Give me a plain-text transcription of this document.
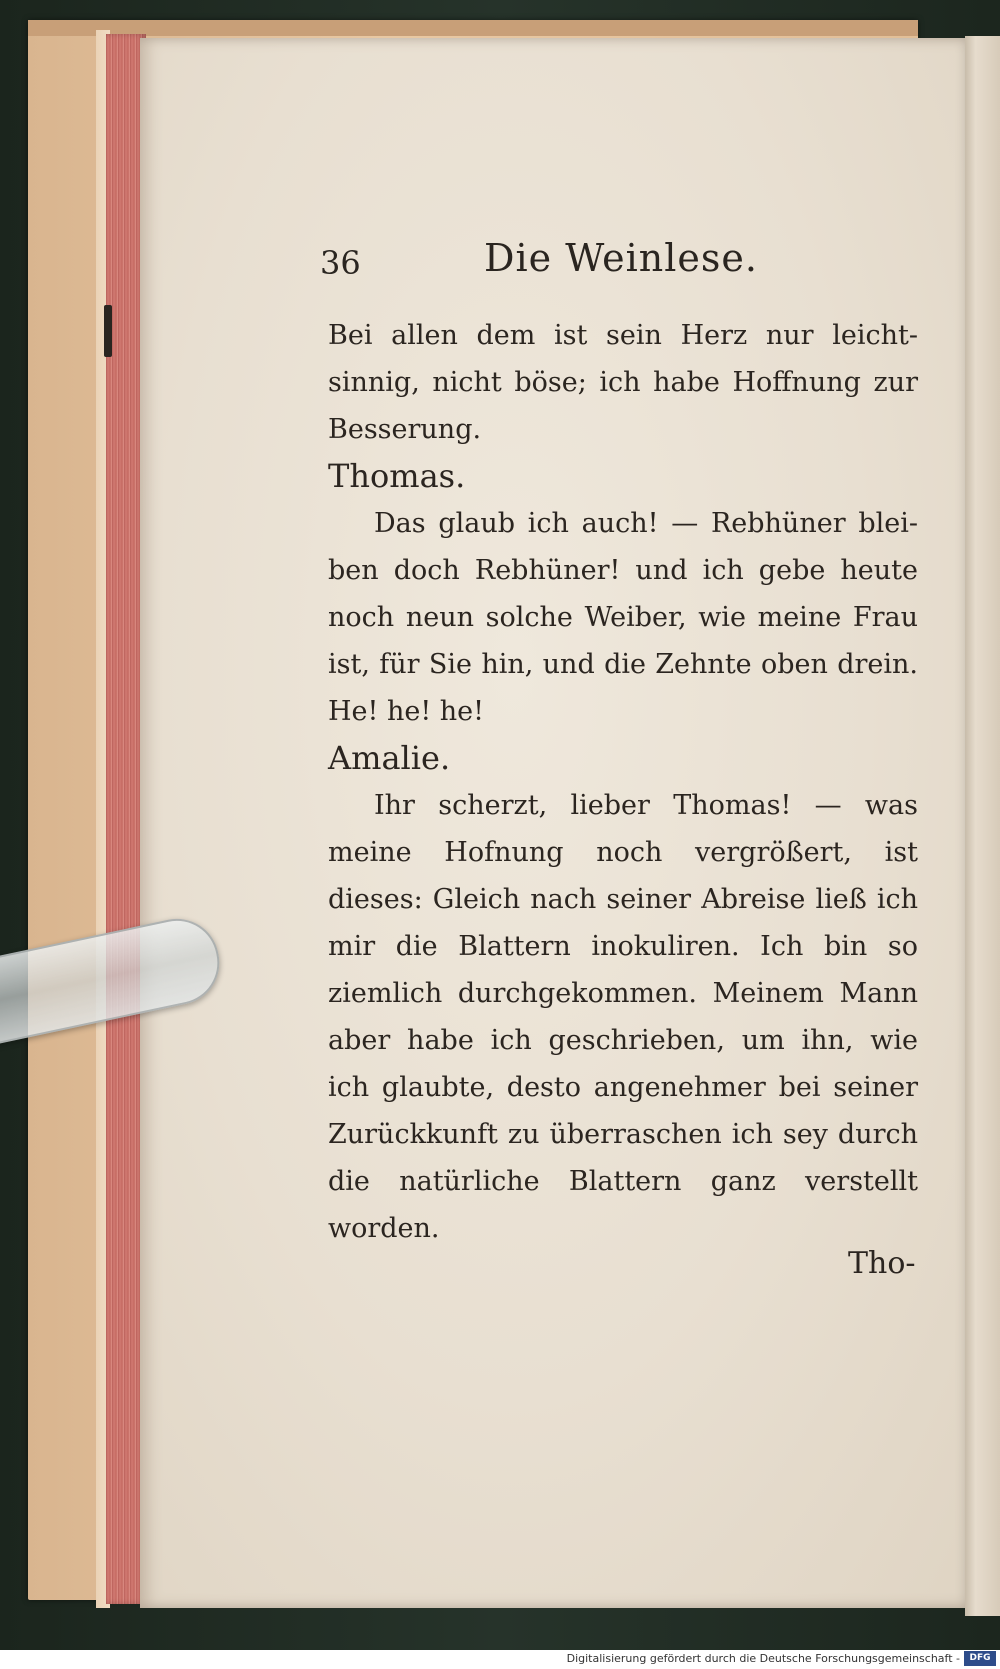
36	Die Weinlese.

Bei allen dem ist sein Herz nur leichtsinnig, nicht böse; ich habe Hoffnung zur Besserung.

Thomas.

Das glaub ich auch! — Rebhüner bleiben doch Rebhüner! und ich gebe heute noch neun solche Weiber, wie meine Frau ist, für Sie hin, und die Zehnte oben drein. He! he! he!

Amalie.

Ihr scherzt, lieber Thomas! — was meine Hofnung noch vergrößert, ist dieses: Gleich nach seiner Abreise ließ ich mir die Blattern inokuliren. Ich bin so ziemlich durchgekommen. Meinem Mann aber habe ich geschrieben, um ihn, wie ich glaubte, desto angenehmer bei seiner Zurückkunft zu überraschen ich sey durch die natürliche Blattern ganz verstellt worden.

Tho-
Digitalisierung gefördert durch die Deutsche Forschungsgemeinschaft -	DFG
